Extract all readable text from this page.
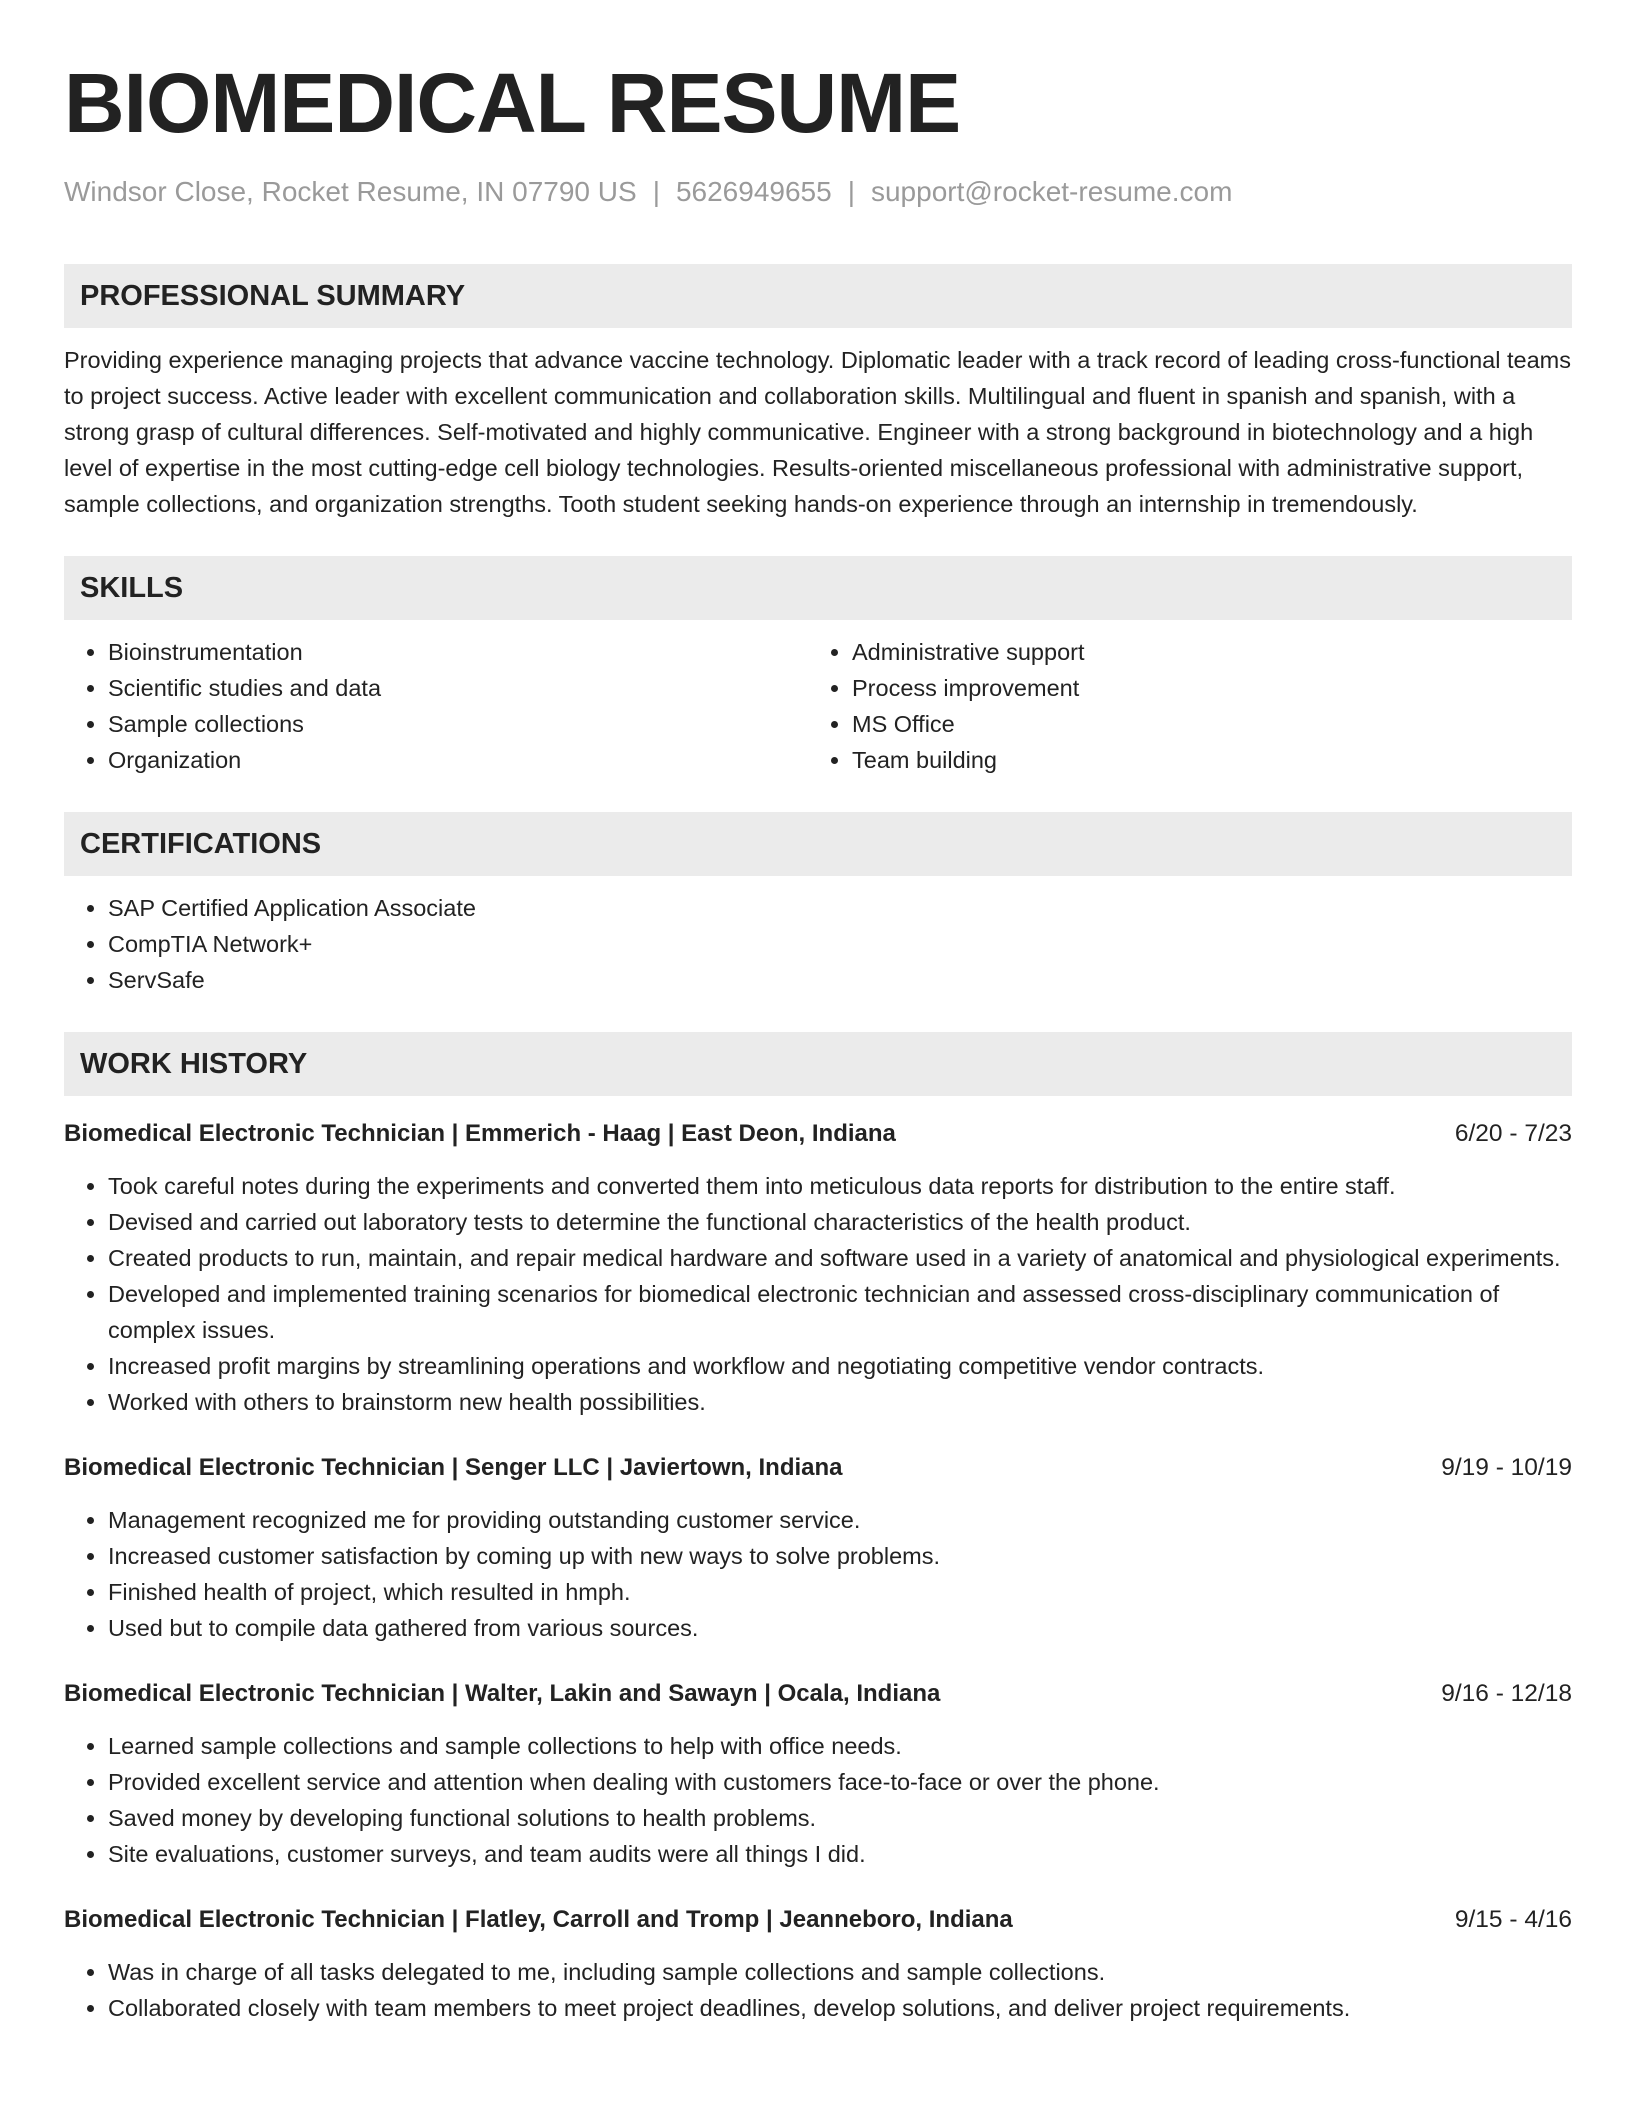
BIOMEDICAL RESUME
Windsor Close, Rocket Resume, IN 07790 US | 5626949655 | support@rocket-resume.com
PROFESSIONAL SUMMARY
Providing experience managing projects that advance vaccine technology. Diplomatic leader with a track record of leading cross-functional teams to project success. Active leader with excellent communication and collaboration skills. Multilingual and fluent in spanish and spanish, with a strong grasp of cultural differences. Self-motivated and highly communicative. Engineer with a strong background in biotechnology and a high level of expertise in the most cutting-edge cell biology technologies. Results-oriented miscellaneous professional with administrative support, sample collections, and organization strengths. Tooth student seeking hands-on experience through an internship in tremendously.
SKILLS
• Bioinstrumentation
• Scientific studies and data
• Sample collections
• Organization
• Administrative support
• Process improvement
• MS Office
• Team building
CERTIFICATIONS
• SAP Certified Application Associate
• CompTIA Network+
• ServSafe
WORK HISTORY
Biomedical Electronic Technician | Emmerich - Haag | East Deon, Indiana	6/20 - 7/23
• Took careful notes during the experiments and converted them into meticulous data reports for distribution to the entire staff.
• Devised and carried out laboratory tests to determine the functional characteristics of the health product.
• Created products to run, maintain, and repair medical hardware and software used in a variety of anatomical and physiological experiments.
• Developed and implemented training scenarios for biomedical electronic technician and assessed cross-disciplinary communication of complex issues.
• Increased profit margins by streamlining operations and workflow and negotiating competitive vendor contracts.
• Worked with others to brainstorm new health possibilities.
Biomedical Electronic Technician | Senger LLC | Javiertown, Indiana	9/19 - 10/19
• Management recognized me for providing outstanding customer service.
• Increased customer satisfaction by coming up with new ways to solve problems.
• Finished health of project, which resulted in hmph.
• Used but to compile data gathered from various sources.
Biomedical Electronic Technician | Walter, Lakin and Sawayn | Ocala, Indiana	9/16 - 12/18
• Learned sample collections and sample collections to help with office needs.
• Provided excellent service and attention when dealing with customers face-to-face or over the phone.
• Saved money by developing functional solutions to health problems.
• Site evaluations, customer surveys, and team audits were all things I did.
Biomedical Electronic Technician | Flatley, Carroll and Tromp | Jeanneboro, Indiana	9/15 - 4/16
• Was in charge of all tasks delegated to me, including sample collections and sample collections.
• Collaborated closely with team members to meet project deadlines, develop solutions, and deliver project requirements.
